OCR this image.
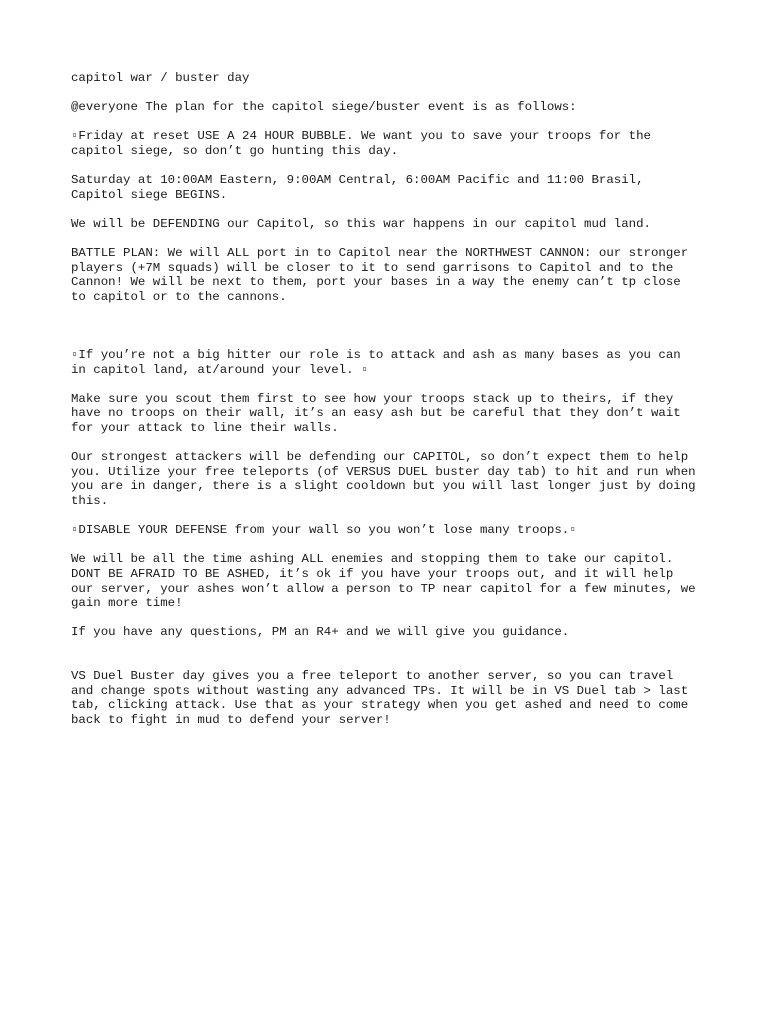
capitol war / buster day

@everyone The plan for the capitol siege/buster event is as follows:

▫Friday at reset USE A 24 HOUR BUBBLE. We want you to save your troops for the capitol siege, so don’t go hunting this day.

Saturday at 10:00AM Eastern, 9:00AM Central, 6:00AM Pacific and 11:00 Brasil, Capitol siege BEGINS.

We will be DEFENDING our Capitol, so this war happens in our capitol mud land.

BATTLE PLAN: We will ALL port in to Capitol near the NORTHWEST CANNON: our stronger players (+7M squads) will be closer to it to send garrisons to Capitol and to the Cannon! We will be next to them, port your bases in a way the enemy can’t tp close to capitol or to the cannons.

▫If you’re not a big hitter our role is to attack and ash as many bases as you can in capitol land, at/around your level. ▫

Make sure you scout them first to see how your troops stack up to theirs, if they have no troops on their wall, it’s an easy ash but be careful that they don’t wait for your attack to line their walls.

Our strongest attackers will be defending our CAPITOL, so don’t expect them to help you. Utilize your free teleports (of VERSUS DUEL buster day tab) to hit and run when you are in danger, there is a slight cooldown but you will last longer just by doing this.

▫DISABLE YOUR DEFENSE from your wall so you won’t lose many troops.▫

We will be all the time ashing ALL enemies and stopping them to take our capitol. DONT BE AFRAID TO BE ASHED, it’s ok if you have your troops out, and it will help our server, your ashes won’t allow a person to TP near capitol for a few minutes, we gain more time!

If you have any questions, PM an R4+ and we will give you guidance.

VS Duel Buster day gives you a free teleport to another server, so you can travel and change spots without wasting any advanced TPs. It will be in VS Duel tab > last tab, clicking attack. Use that as your strategy when you get ashed and need to come back to fight in mud to defend your server!
